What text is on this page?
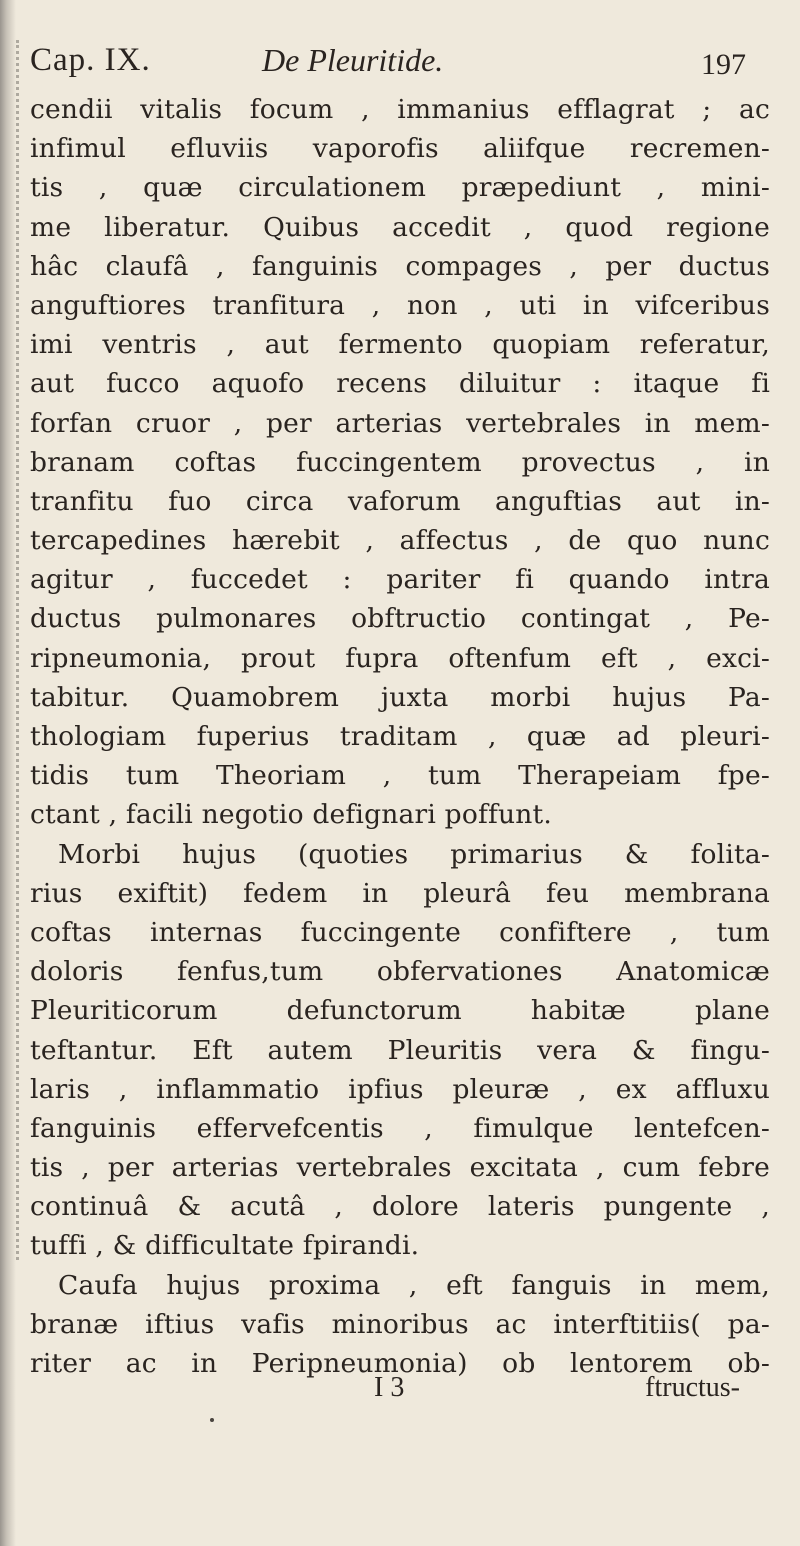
Cap. IX.	De Pleuritide.	197
cendii vitalis focum , immanius efflagrat ; ac
infimul efluviis vaporofis aliifque recremen-
tis , quæ circulationem præpediunt , mini-
me liberatur. Quibus accedit , quod regione
hâc claufâ , fanguinis compages , per ductus
anguftiores tranfitura , non , uti in vifceribus
imi ventris , aut fermento quopiam referatur,
aut fucco aquofo recens diluitur : itaque fi
forfan cruor , per arterias vertebrales in mem-
branam coftas fuccingentem provectus , in
tranfitu fuo circa vaforum anguftias aut in-
tercapedines hærebit , affectus , de quo nunc
agitur , fuccedet : pariter fi quando intra
ductus pulmonares obftructio contingat , Pe-
ripneumonia, prout fupra oftenfum eft , exci-
tabitur. Quamobrem juxta morbi hujus Pa-
thologiam fuperius traditam , quæ ad pleuri-
tidis tum Theoriam , tum Therapeiam fpe-
ctant , facili negotio defignari poffunt.
Morbi hujus (quoties primarius & folita-
rius exiftit) fedem in pleurâ feu membrana
coftas internas fuccingente confiftere , tum
doloris fenfus,tum obfervationes Anatomicæ
Pleuriticorum defunctorum habitæ plane
teftantur. Eft autem Pleuritis vera & fingu-
laris , inflammatio ipfius pleuræ , ex affluxu
fanguinis effervefcentis , fimulque lentefcen-
tis , per arterias vertebrales excitata , cum febre
continuâ & acutâ , dolore lateris pungente ,
tuffi , & difficultate fpirandi.
Caufa hujus proxima , eft fanguis in mem,
branæ iftius vafis minoribus ac interftitiis( pa-
riter ac in Peripneumonia) ob lentorem ob-
I 3	ftructus-
